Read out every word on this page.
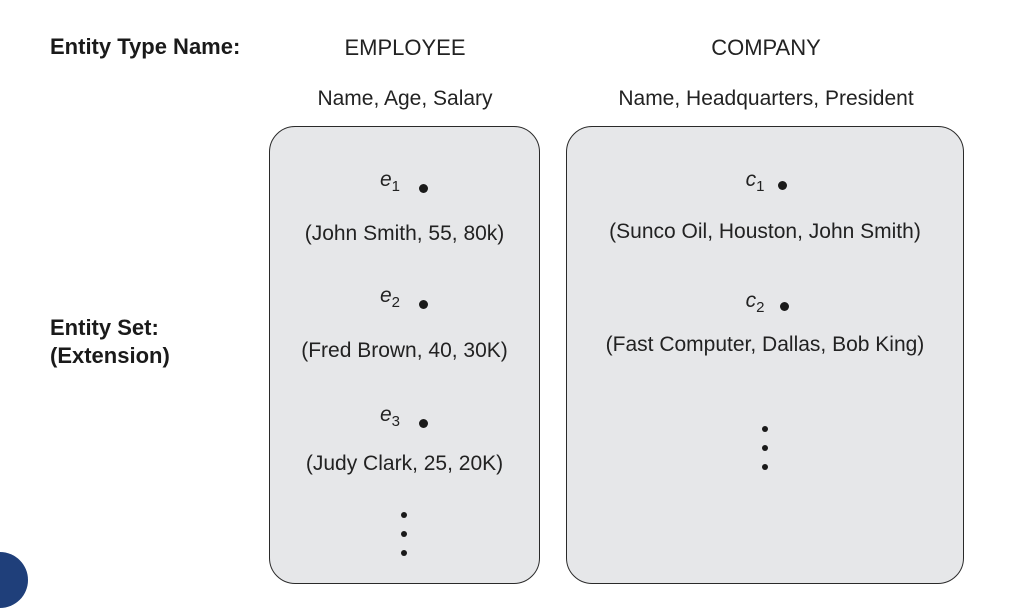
Entity Type Name:
Entity Set:
(Extension)
EMPLOYEE
Name, Age, Salary
COMPANY
Name, Headquarters, President
$e_1$
(John Smith, 55, 80k)
$e_2$
(Fred Brown, 40, 30K)
$e_3$
(Judy Clark, 25, 20K)
$c_1$
(Sunco Oil, Houston, John Smith)
$c_2$
(Fast Computer, Dallas, Bob King)
